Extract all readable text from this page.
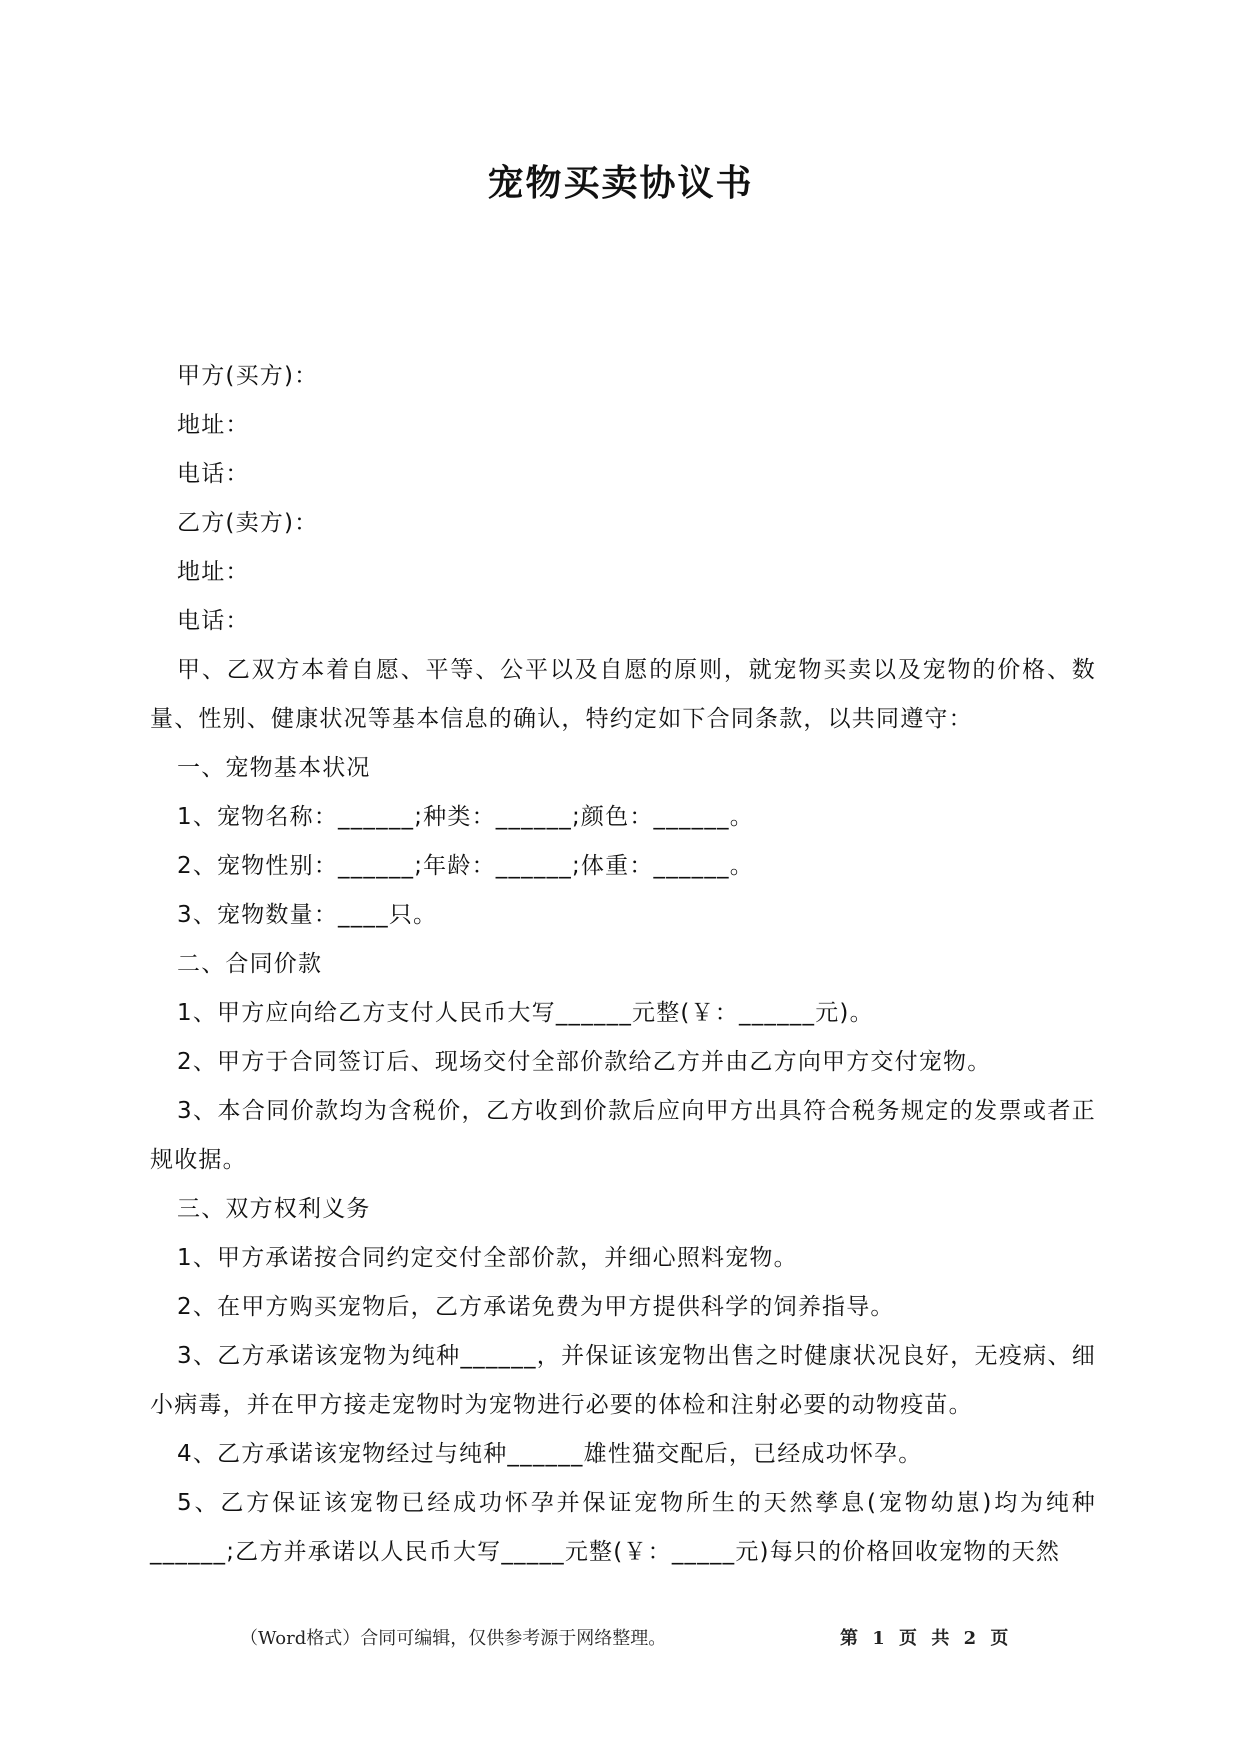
宠物买卖协议书

甲方(买方)：

地址：

电话：

乙方(卖方)：

地址：

电话：

甲、乙双方本着自愿、平等、公平以及自愿的原则，就宠物买卖以及宠物的价格、数量、性别、健康状况等基本信息的确认，特约定如下合同条款，以共同遵守：

一、宠物基本状况

1、宠物名称：______;种类：______;颜色：______。

2、宠物性别：______;年龄：______;体重：______。

3、宠物数量：____只。

二、合同价款

1、甲方应向给乙方支付人民币大写______元整(￥：______元)。

2、甲方于合同签订后、现场交付全部价款给乙方并由乙方向甲方交付宠物。

3、本合同价款均为含税价，乙方收到价款后应向甲方出具符合税务规定的发票或者正规收据。

三、双方权利义务

1、甲方承诺按合同约定交付全部价款，并细心照料宠物。

2、在甲方购买宠物后，乙方承诺免费为甲方提供科学的饲养指导。

3、乙方承诺该宠物为纯种______，并保证该宠物出售之时健康状况良好，无疫病、细小病毒，并在甲方接走宠物时为宠物进行必要的体检和注射必要的动物疫苗。

4、乙方承诺该宠物经过与纯种______雄性猫交配后，已经成功怀孕。

5、乙方保证该宠物已经成功怀孕并保证宠物所生的天然孳息(宠物幼崽)均为纯种______;乙方并承诺以人民币大写_____元整(￥：_____元)每只的价格回收宠物的天然

（Word格式）合同可编辑，仅供参考源于网络整理。	第 1 页 共 2 页
